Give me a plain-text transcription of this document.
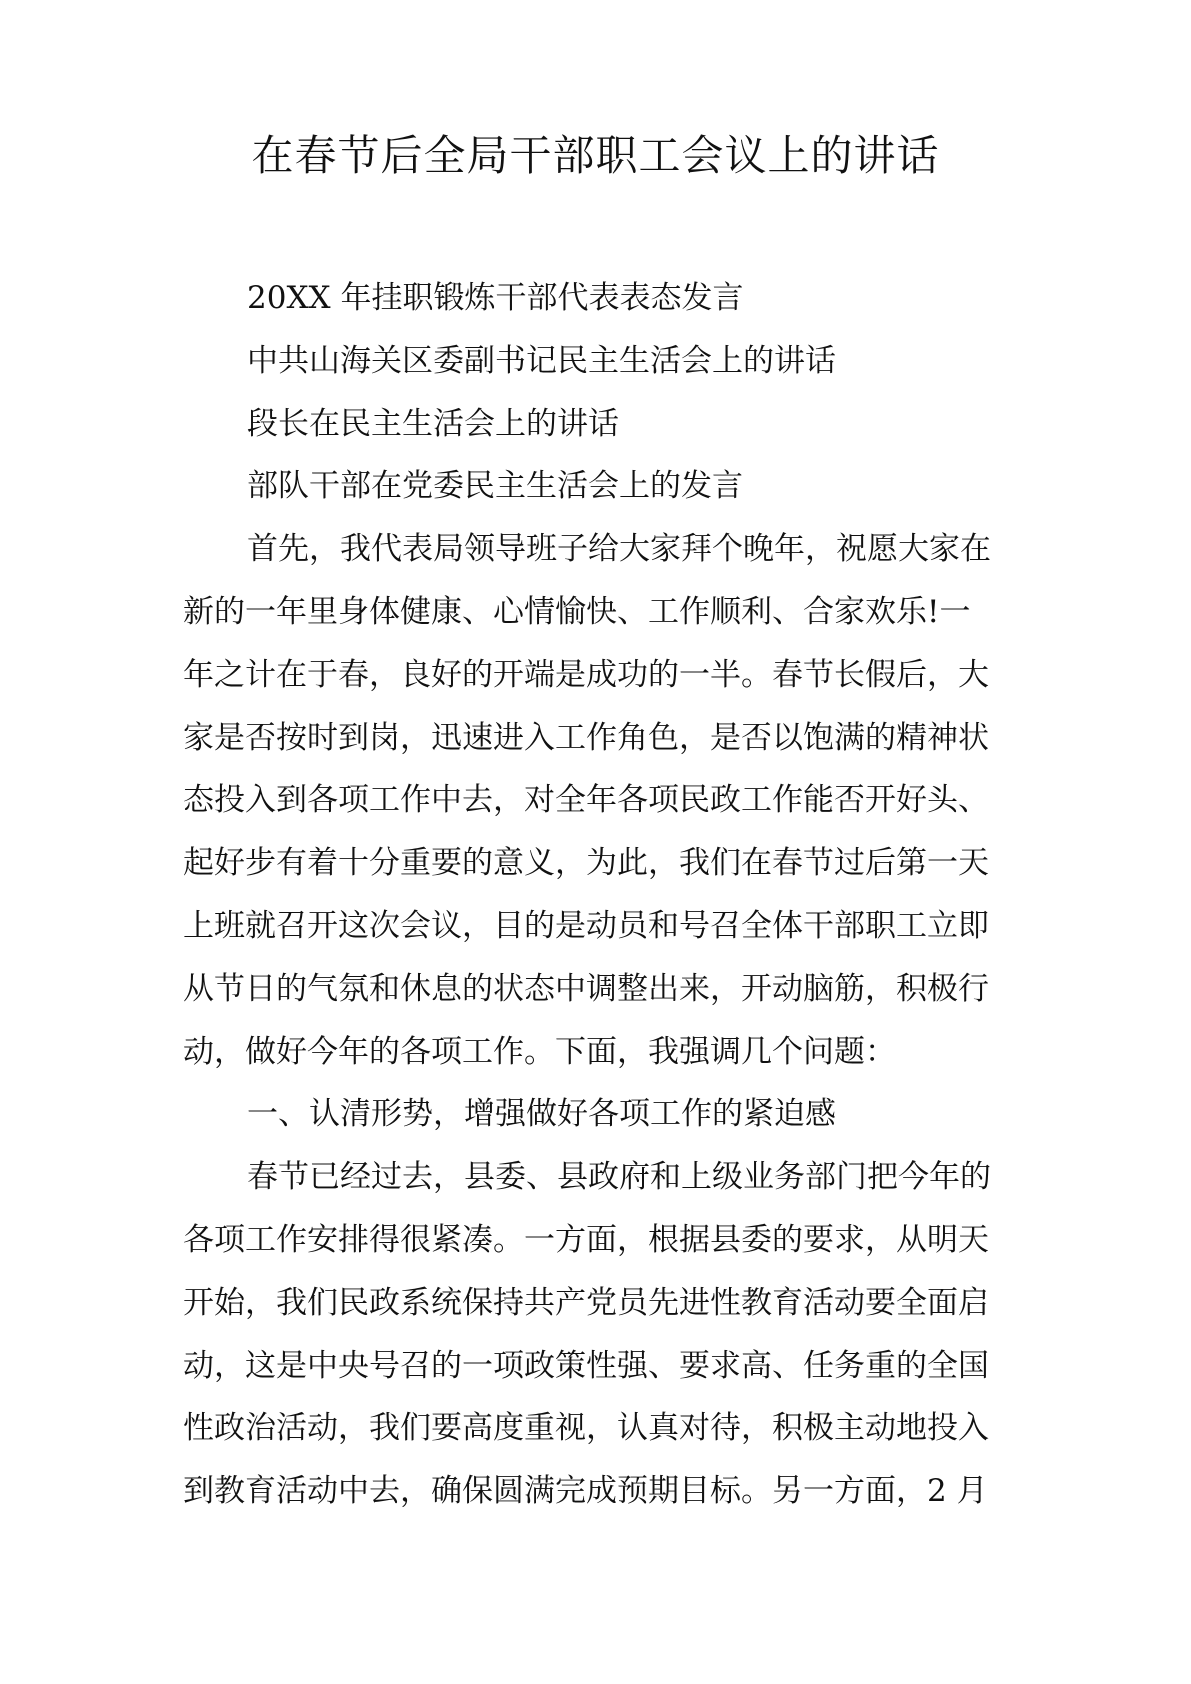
在春节后全局干部职工会议上的讲话
20XX 年挂职锻炼干部代表表态发言
中共山海关区委副书记民主生活会上的讲话
段长在民主生活会上的讲话
部队干部在党委民主生活会上的发言
首先，我代表局领导班子给大家拜个晚年，祝愿大家在
新的一年里身体健康、心情愉快、工作顺利、合家欢乐!一
年之计在于春，良好的开端是成功的一半。春节长假后，大
家是否按时到岗，迅速进入工作角色，是否以饱满的精神状
态投入到各项工作中去，对全年各项民政工作能否开好头、
起好步有着十分重要的意义，为此，我们在春节过后第一天
上班就召开这次会议，目的是动员和号召全体干部职工立即
从节日的气氛和休息的状态中调整出来，开动脑筋，积极行
动，做好今年的各项工作。下面，我强调几个问题：
一、认清形势，增强做好各项工作的紧迫感
春节已经过去，县委、县政府和上级业务部门把今年的
各项工作安排得很紧凑。一方面，根据县委的要求，从明天
开始，我们民政系统保持共产党员先进性教育活动要全面启
动，这是中央号召的一项政策性强、要求高、任务重的全国
性政治活动，我们要高度重视，认真对待，积极主动地投入
到教育活动中去，确保圆满完成预期目标。另一方面，2 月
